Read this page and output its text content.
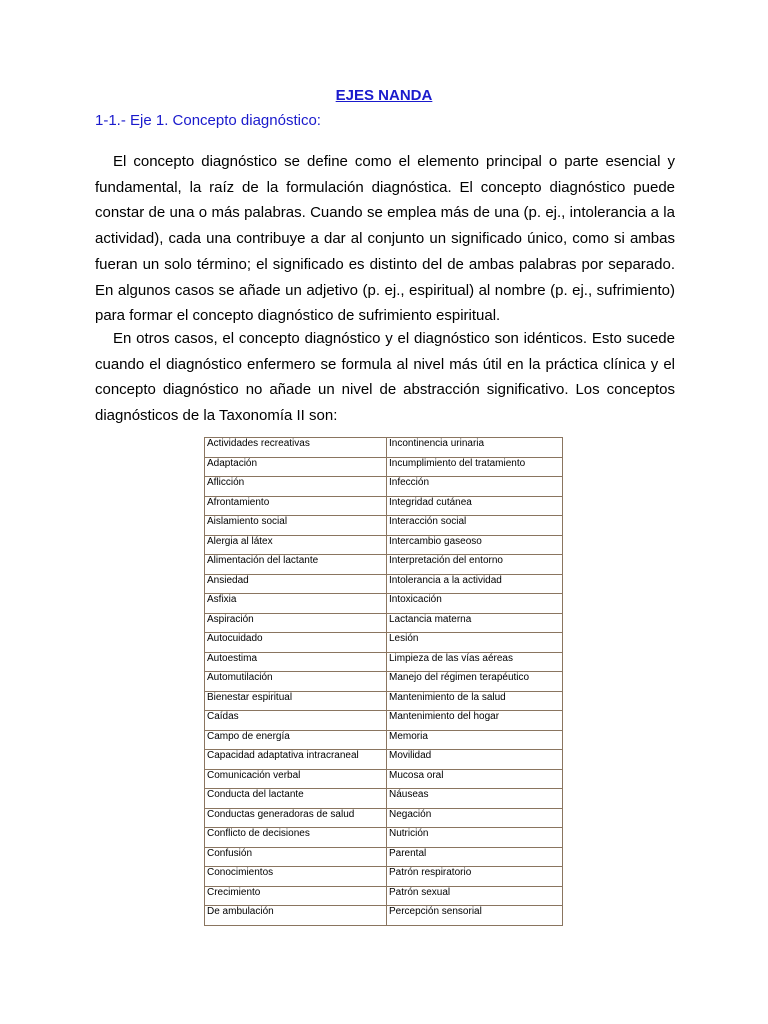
EJES NANDA
1-1.- Eje 1. Concepto diagnóstico:

El concepto diagnóstico se define como el elemento principal o parte esencial y fundamental, la raíz de la formulación diagnóstica. El concepto diagnóstico puede constar de una o más palabras. Cuando se emplea más de una (p. ej., intolerancia a la actividad), cada una contribuye a dar al conjunto un significado único, como si ambas fueran un solo término; el significado es distinto del de ambas palabras por separado. En algunos casos se añade un adjetivo (p. ej., espiritual) al nombre (p. ej., sufrimiento) para formar el concepto diagnóstico de sufrimiento espiritual.

En otros casos, el concepto diagnóstico y el diagnóstico son idénticos. Esto sucede cuando el diagnóstico enfermero se formula al nivel más útil en la práctica clínica y el concepto diagnóstico no añade un nivel de abstracción significativo. Los conceptos diagnósticos de la Taxonomía II son:

Actividades recreativas	Incontinencia urinaria
Adaptación	Incumplimiento del tratamiento
Aflicción	Infección
Afrontamiento	Integridad cutánea
Aislamiento social	Interacción social
Alergia al látex	Intercambio gaseoso
Alimentación del lactante	Interpretación del entorno
Ansiedad	Intolerancia a la actividad
Asfixia	Intoxicación
Aspiración	Lactancia materna
Autocuidado	Lesión
Autoestima	Limpieza de las vías aéreas
Automutilación	Manejo del régimen terapéutico
Bienestar espiritual	Mantenimiento de la salud
Caídas	Mantenimiento del hogar
Campo de energía	Memoria
Capacidad adaptativa intracraneal	Movilidad
Comunicación verbal	Mucosa oral
Conducta del lactante	Náuseas
Conductas generadoras de salud	Negación
Conflicto de decisiones	Nutrición
Confusión	Parental
Conocimientos	Patrón respiratorio
Crecimiento	Patrón sexual
De ambulación	Percepción sensorial
